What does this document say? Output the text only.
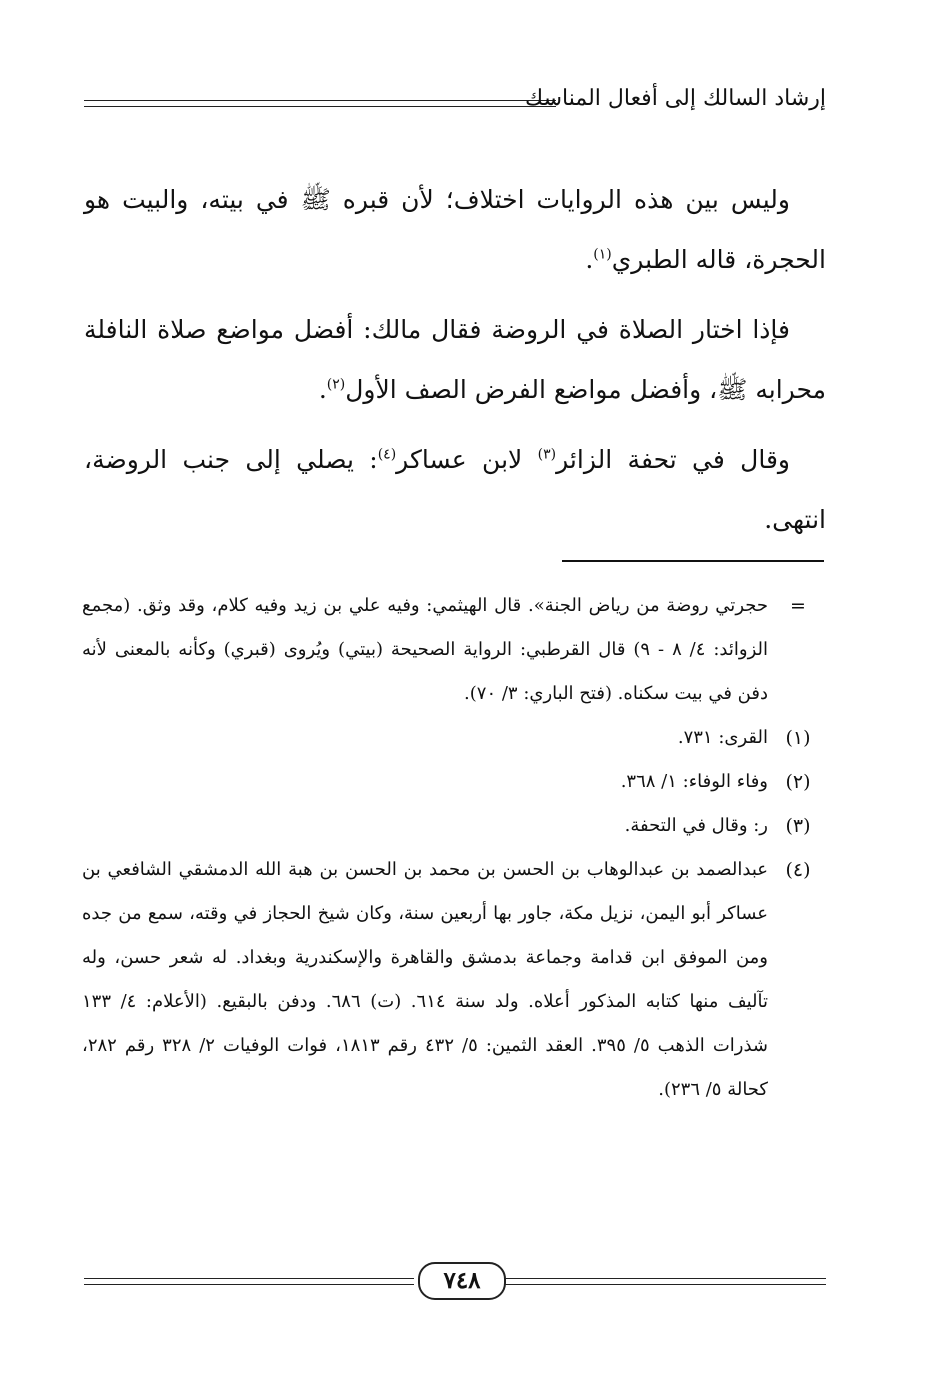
إرشاد السالك إلى أفعال المناسك

وليس بين هذه الروايات اختلاف؛ لأن قبره ﷺ في بيته، والبيت هو الحجرة، قاله الطبري$^{(١)}$.

فإذا اختار الصلاة في الروضة فقال مالك: أفضل مواضع صلاة النافلة محرابه ﷺ، وأفضل مواضع الفرض الصف الأول$^{(٢)}$.

وقال في تحفة الزائر$^{(٣)}$ لابن عساكر$^{(٤)}$: يصلي إلى جنب الروضة، انتهى.

=
حجرتي روضة من رياض الجنة». قال الهيثمي: وفيه علي بن زيد وفيه كلام، وقد وثق. (مجمع الزوائد: ٤/ ٨ - ٩) قال القرطبي: الرواية الصحيحة (بيتي) ويُروى (قبري) وكأنه بالمعنى لأنه دفن في بيت سكناه. (فتح الباري: ٣/ ٧٠).
(١)
القرى: ٧٣١.
(٢)
وفاء الوفاء: ١/ ٣٦٨.
(٣)
ر: وقال في التحفة.
(٤)
عبدالصمد بن عبدالوهاب بن الحسن بن محمد بن الحسن بن هبة الله الدمشقي الشافعي بن عساكر أبو اليمن، نزيل مكة، جاور بها أربعين سنة، وكان شيخ الحجاز في وقته، سمع من جده ومن الموفق ابن قدامة وجماعة بدمشق والقاهرة والإسكندرية وبغداد. له شعر حسن، وله تآليف منها كتابه المذكور أعلاه. ولد سنة ٦١٤. (ت) ٦٨٦. ودفن بالبقيع. (الأعلام: ٤/ ١٣٣ شذرات الذهب ٥/ ٣٩٥. العقد الثمين: ٥/ ٤٣٢ رقم ١٨١٣، فوات الوفيات ٢/ ٣٢٨ رقم ٢٨٢، كحالة ٥/ ٢٣٦).
٧٤٨
